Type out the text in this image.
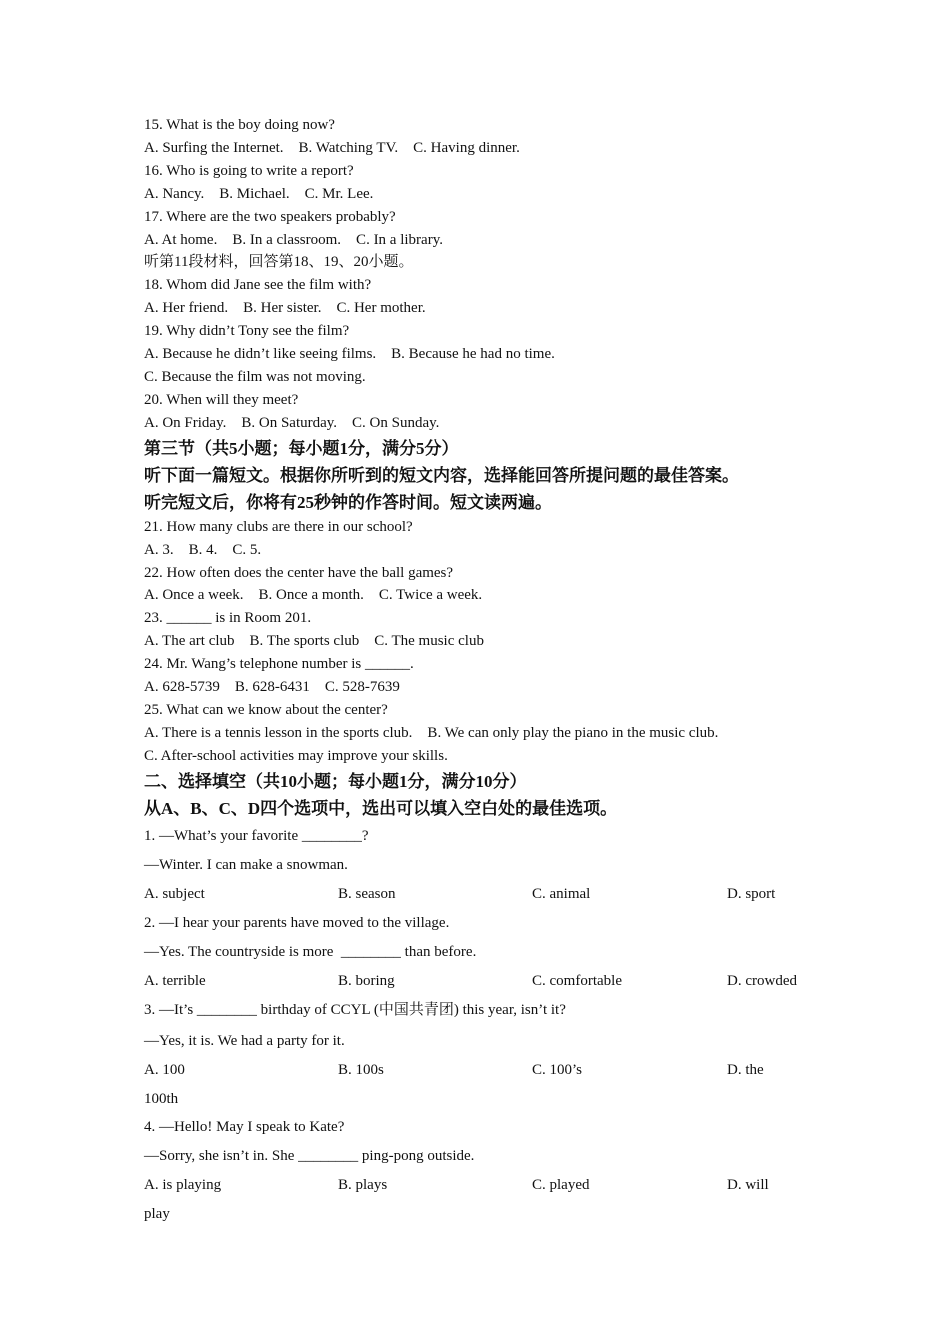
15. What is the boy doing now?
A. Surfing the Internet.    B. Watching TV.    C. Having dinner.
16. Who is going to write a report?
A. Nancy.    B. Michael.    C. Mr. Lee.
17. Where are the two speakers probably?
A. At home.    B. In a classroom.    C. In a library.
听第11段材料，回答第18、19、20小题。
18. Whom did Jane see the film with?
A. Her friend.    B. Her sister.    C. Her mother.
19. Why didn’t Tony see the film?
A. Because he didn’t like seeing films.    B. Because he had no time.
C. Because the film was not moving.
20. When will they meet?
A. On Friday.    B. On Saturday.    C. On Sunday.
第三节（共5小题；每小题1分，满分5分）
听下面一篇短文。根据你所听到的短文内容，选择能回答所提问题的最佳答案。
听完短文后，你将有25秒钟的作答时间。短文读两遍。
21. How many clubs are there in our school?
A. 3.    B. 4.    C. 5.
22. How often does the center have the ball games?
A. Once a week.    B. Once a month.    C. Twice a week.
23. ______ is in Room 201.
A. The art club    B. The sports club    C. The music club
24. Mr. Wang’s telephone number is ______.
A. 628-5739    B. 628-6431    C. 528-7639
25. What can we know about the center?
A. There is a tennis lesson in the sports club.    B. We can only play the piano in the music club.
C. After-school activities may improve your skills.
二、选择填空（共10小题；每小题1分，满分10分）
从A、B、C、D四个选项中，选出可以填入空白处的最佳选项。
1. —What’s your favorite ________?
—Winter. I can make a snowman.
A. subject	B. season	C. animal	D. sport
2. —I hear your parents have moved to the village.
—Yes. The countryside is more  ________ than before.
A. terrible	B. boring	C. comfortable	D. crowded
3. —It’s ________ birthday of CCYL (中国共青团) this year, isn’t it?
—Yes, it is. We had a party for it.
A. 100	B. 100s	C. 100’s	D. the
100th
4. —Hello! May I speak to Kate?
—Sorry, she isn’t in. She ________ ping-pong outside.
A. is playing	B. plays	C. played	D. will
play
